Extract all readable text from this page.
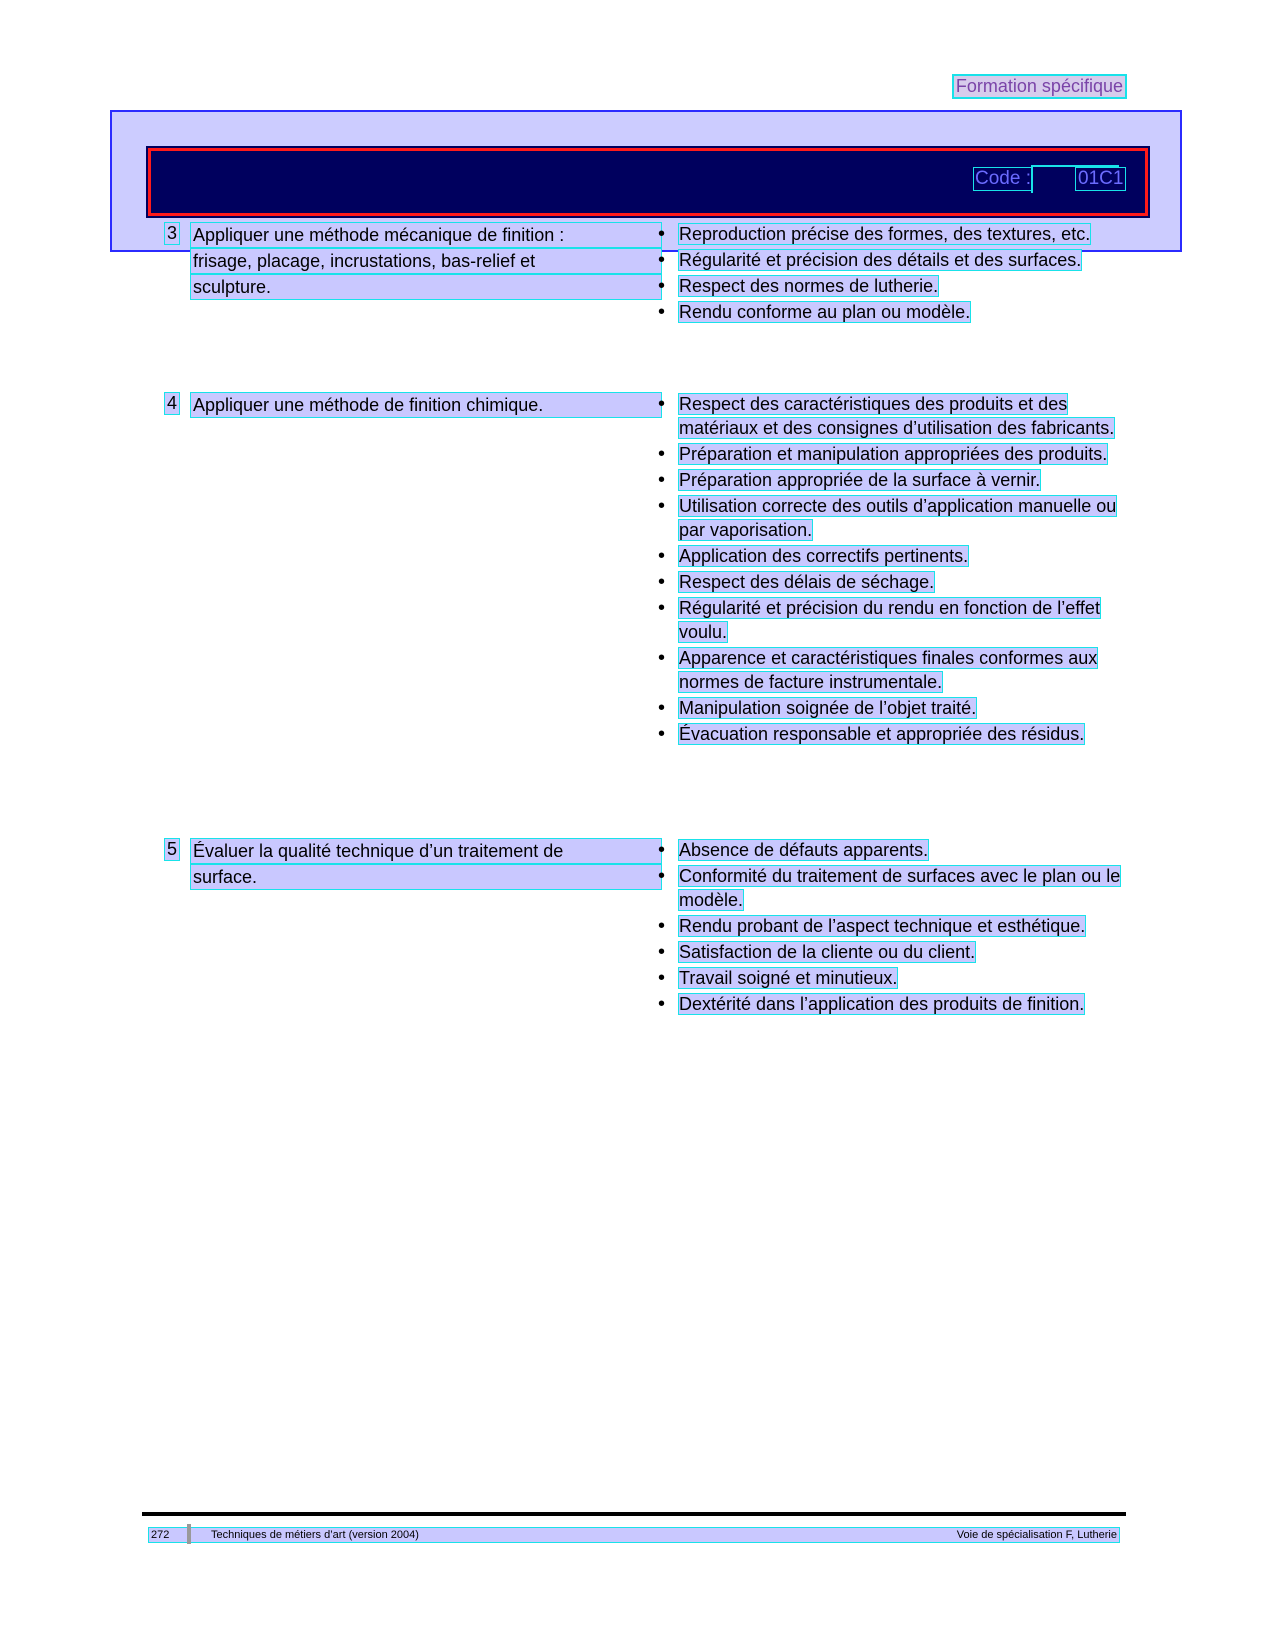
Formation spécifique
Code : 01C1
3 Appliquer une méthode mécanique de finition :
frisage, placage, incrustations, bas-relief et
sculpture.
• Reproduction précise des formes, des textures, etc.
• Régularité et précision des détails et des surfaces.
• Respect des normes de lutherie.
• Rendu conforme au plan ou modèle.
4 Appliquer une méthode de finition chimique.
•	Respect des caractéristiques des produits et des matériaux et des consignes d’utilisation des fabricants.
• Préparation et manipulation appropriées des produits.
• Préparation appropriée de la surface à vernir.
• Utilisation correcte des outils d’application manuelle ou par vaporisation.
• Application des correctifs pertinents.
• Respect des délais de séchage.
• Régularité et précision du rendu en fonction de l’effet voulu.
• Apparence et caractéristiques finales conformes aux normes de facture instrumentale.
• Manipulation soignée de l’objet traité.
• Évacuation responsable et appropriée des résidus.
5 Évaluer la qualité technique d’un traitement de
surface.
• Absence de défauts apparents.
• Conformité du traitement de surfaces avec le plan ou le modèle.
• Rendu probant de l’aspect technique et esthétique.
• Satisfaction de la cliente ou du client.
• Travail soigné et minutieux.
• Dextérité dans l’application des produits de finition.
272	Techniques de métiers d’art (version 2004)	Voie de spécialisation F, Lutherie
